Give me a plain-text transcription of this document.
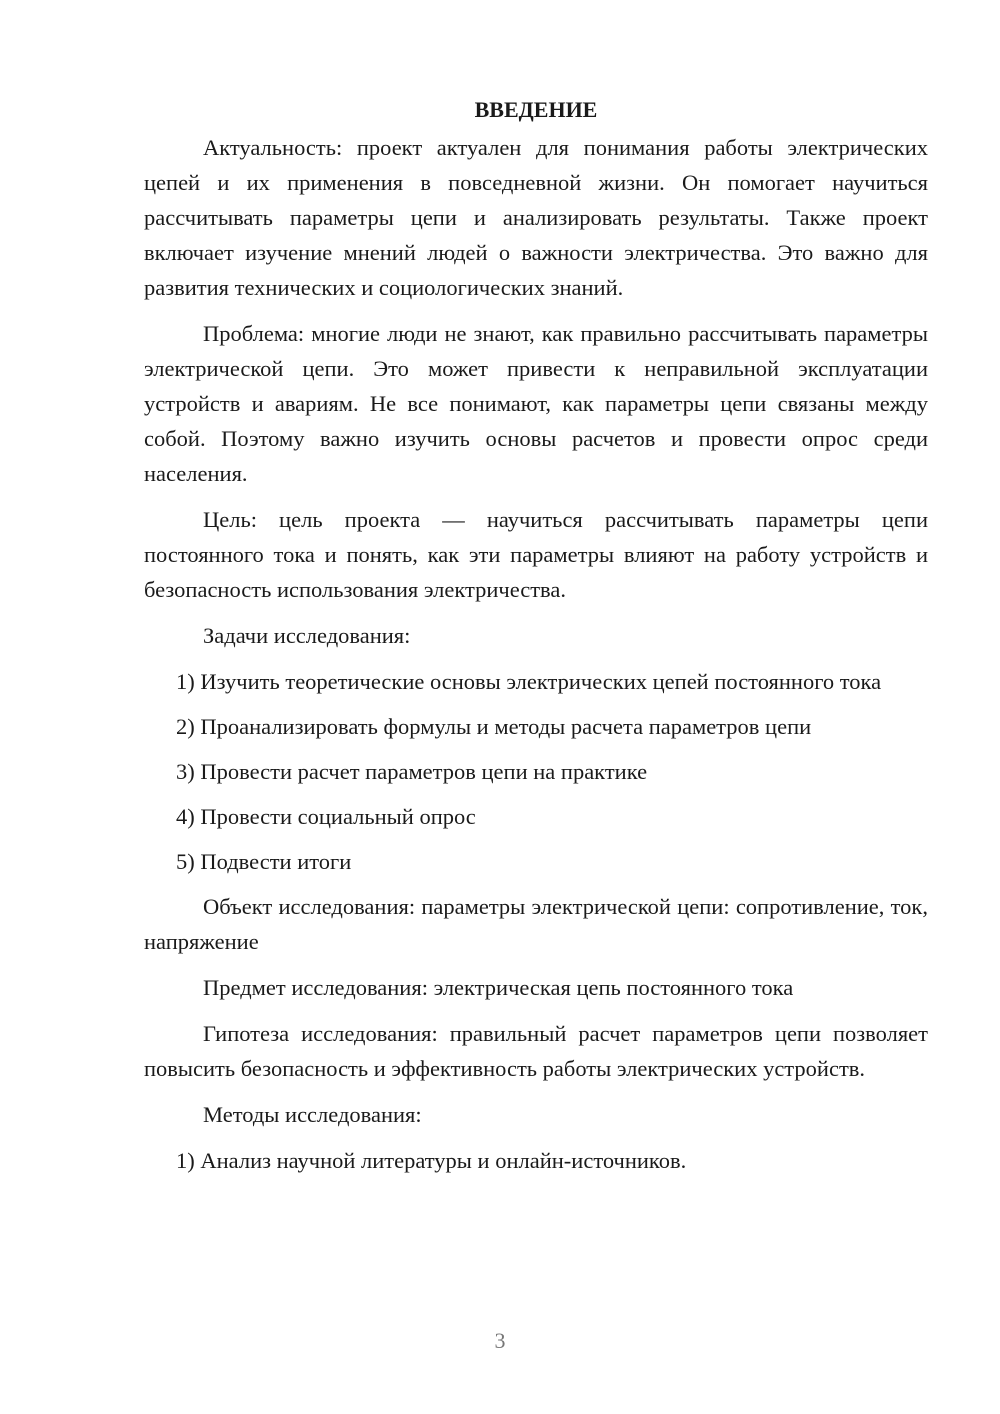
ВВЕДЕНИЕ

Актуальность: проект актуален для понимания работы электрических цепей и их применения в повседневной жизни. Он помогает научиться рассчитывать параметры цепи и анализировать результаты. Также проект включает изучение мнений людей о важности электричества. Это важно для развития технических и социологических знаний.

Проблема: многие люди не знают, как правильно рассчитывать параметры электрической цепи. Это может привести к неправильной эксплуатации устройств и авариям. Не все понимают, как параметры цепи связаны между собой. Поэтому важно изучить основы расчетов и провести опрос среди населения.

Цель: цель проекта — научиться рассчитывать параметры цепи постоянного тока и понять, как эти параметры влияют на работу устройств и безопасность использования электричества.

Задачи исследования:

1) Изучить теоретические основы электрических цепей постоянного тока

2) Проанализировать формулы и методы расчета параметров цепи

3) Провести расчет параметров цепи на практике

4) Провести социальный опрос

5) Подвести итоги

Объект исследования: параметры электрической цепи: сопротивление, ток, напряжение

Предмет исследования: электрическая цепь постоянного тока

Гипотеза исследования: правильный расчет параметров цепи позволяет повысить безопасность и эффективность работы электрических устройств.

Методы исследования:

1) Анализ научной литературы и онлайн-источников.

3
